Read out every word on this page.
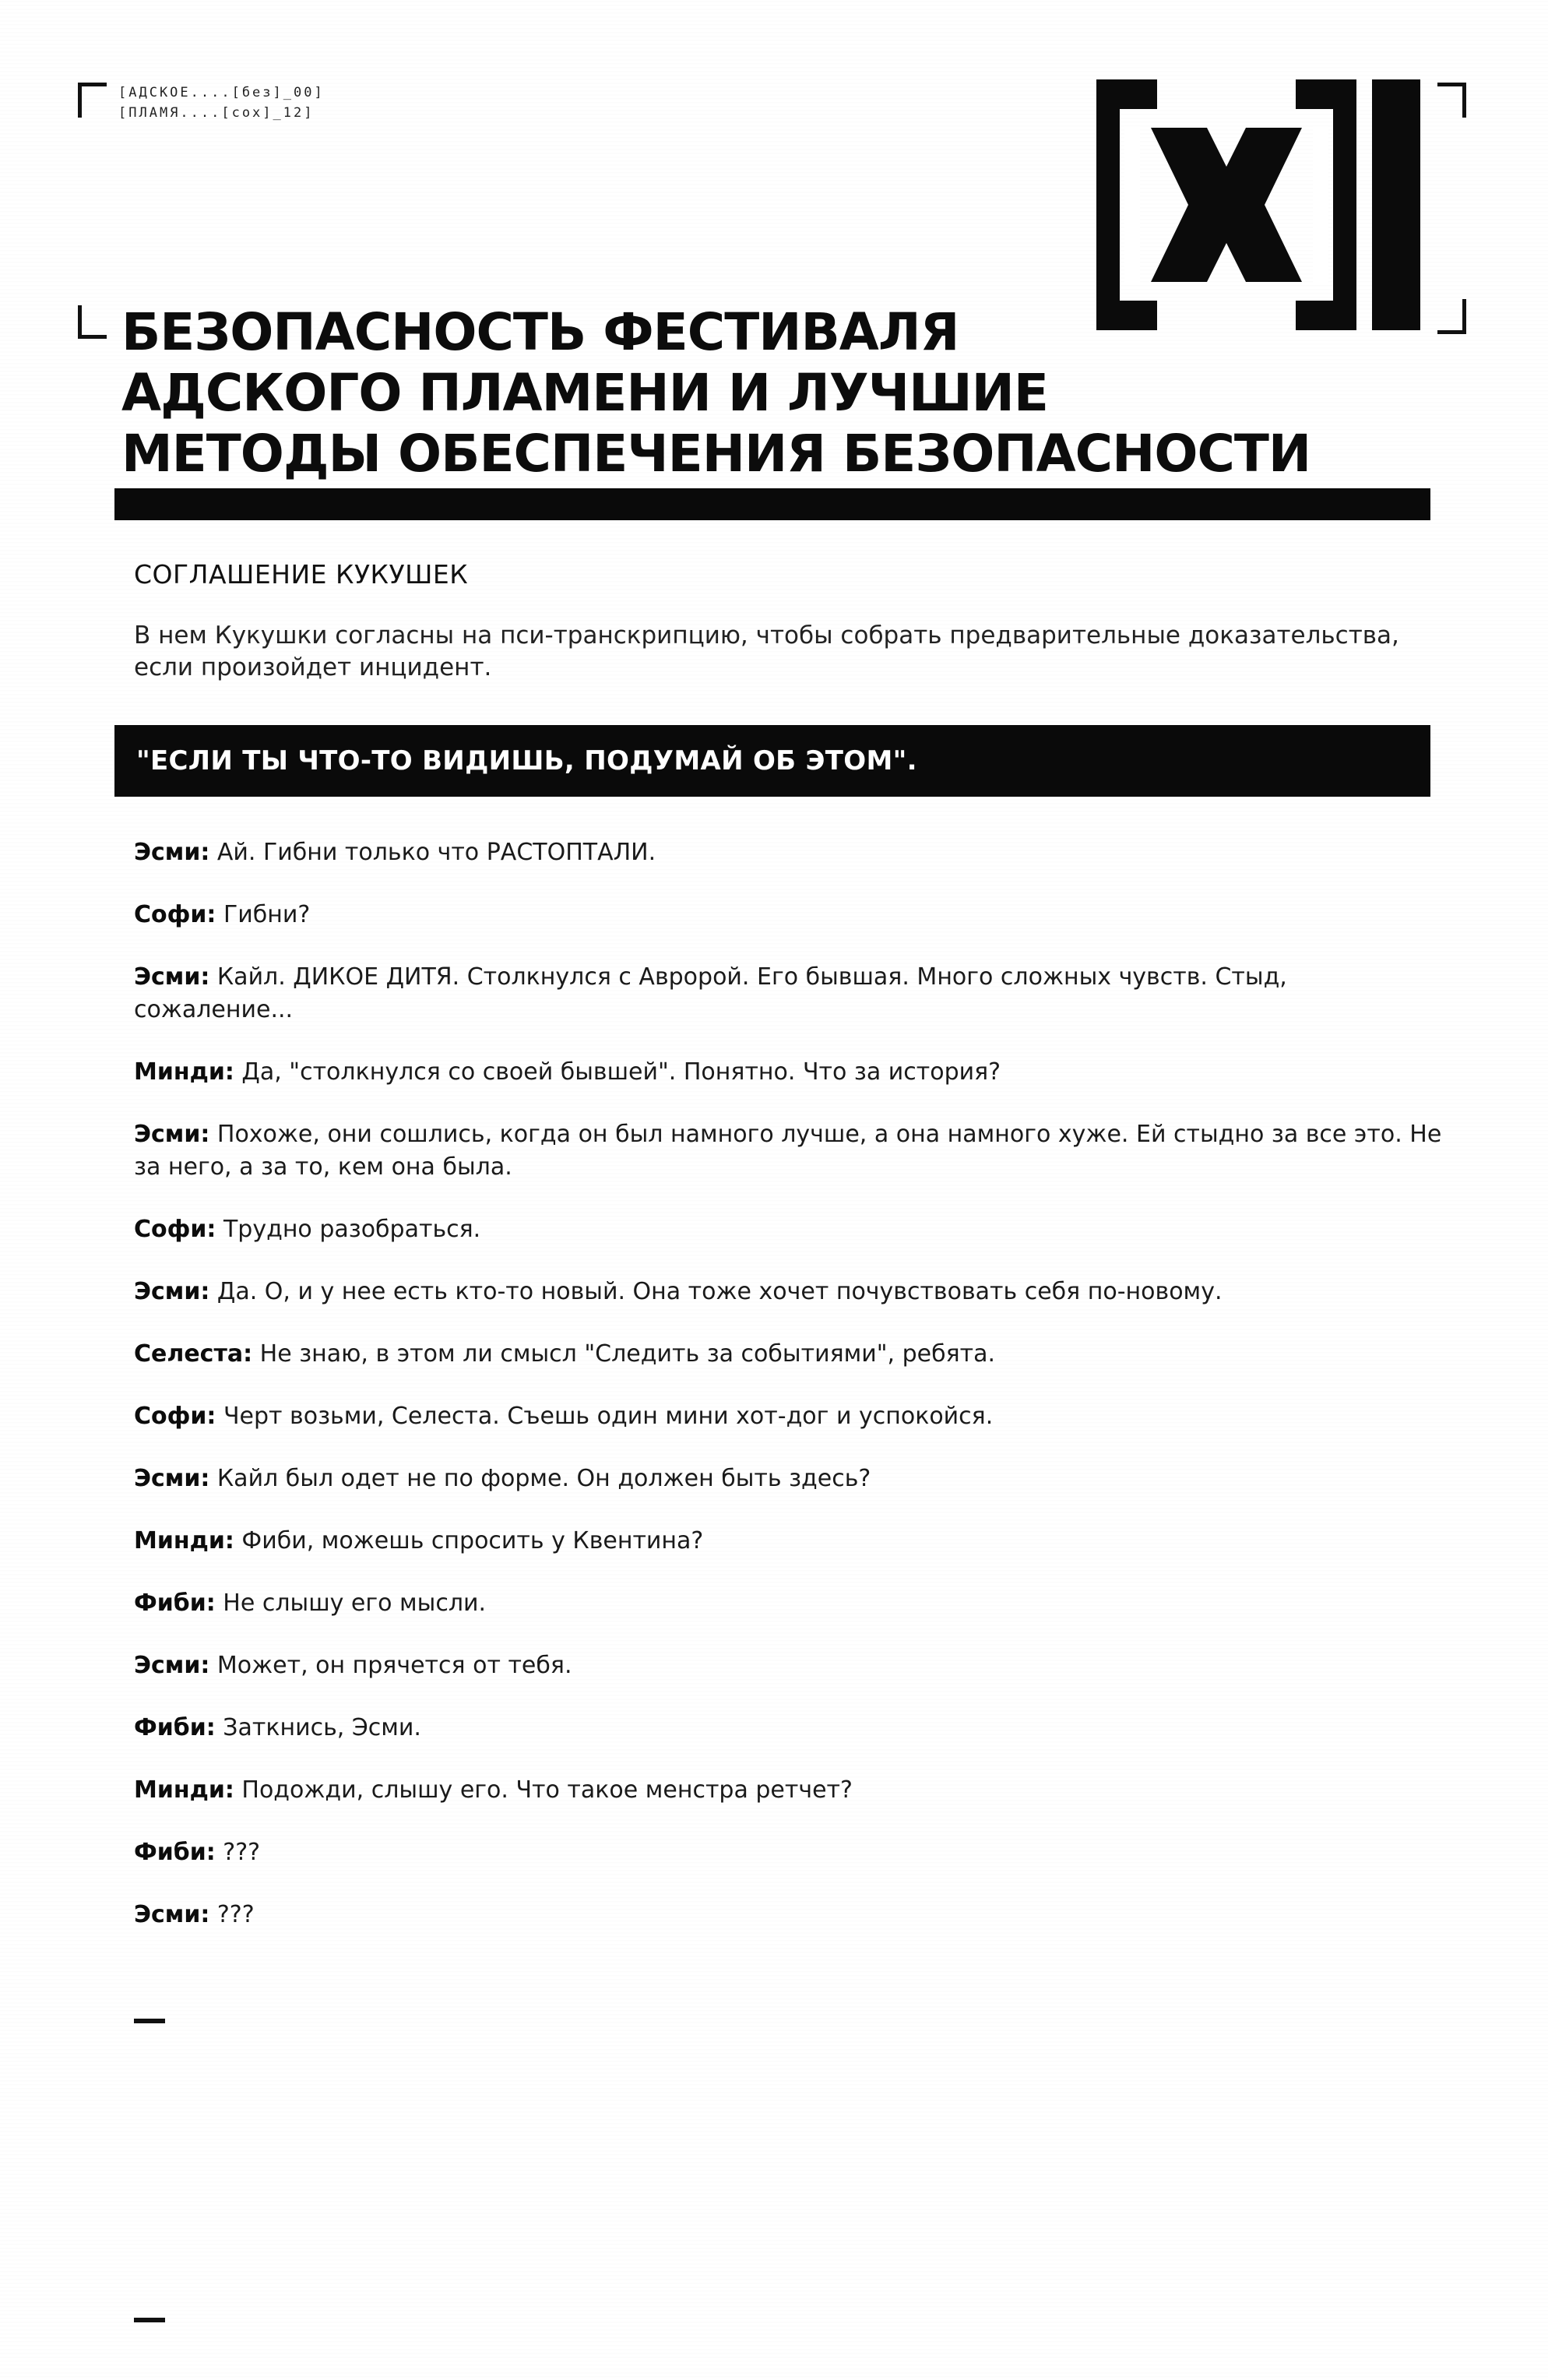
[АДСКОЕ....[без]_00]
[ПЛАМЯ....[сох]_12]
БЕЗОПАСНОСТЬ ФЕСТИВАЛЯ
АДСКОГО ПЛАМЕНИ И ЛУЧШИЕ
МЕТОДЫ ОБЕСПЕЧЕНИЯ БЕЗОПАСНОСТИ
СОГЛАШЕНИЕ КУКУШЕК
В нем Кукушки согласны на пси-транскрипцию, чтобы собрать предварительные доказательства, если произойдет инцидент.
"ЕСЛИ ТЫ ЧТО-ТО ВИДИШЬ, ПОДУМАЙ ОБ ЭТОМ".

Эсми: Ай. Гибни только что РАСТОПТАЛИ.

Софи: Гибни?

Эсми: Кайл. ДИКОЕ ДИТЯ. Столкнулся с Авророй. Его бывшая. Много сложных чувств. Стыд, сожаление...

Минди: Да, "столкнулся со своей бывшей". Понятно. Что за история?

Эсми: Похоже, они сошлись, когда он был намного лучше, а она намного хуже. Ей стыдно за все это. Не за него, а за то, кем она была.

Софи: Трудно разобраться.

Эсми: Да. О, и у нее есть кто-то новый. Она тоже хочет почувствовать себя по-новому.

Селеста: Не знаю, в этом ли смысл "Следить за событиями", ребята.

Софи: Черт возьми, Селеста. Съешь один мини хот-дог и успокойся.

Эсми: Кайл был одет не по форме. Он должен быть здесь?

Минди: Фиби, можешь спросить у Квентина?

Фиби: Не слышу его мысли.

Эсми: Может, он прячется от тебя.

Фиби: Заткнись, Эсми.

Минди: Подожди, слышу его. Что такое менстра ретчет?

Фиби: ???

Эсми: ???
